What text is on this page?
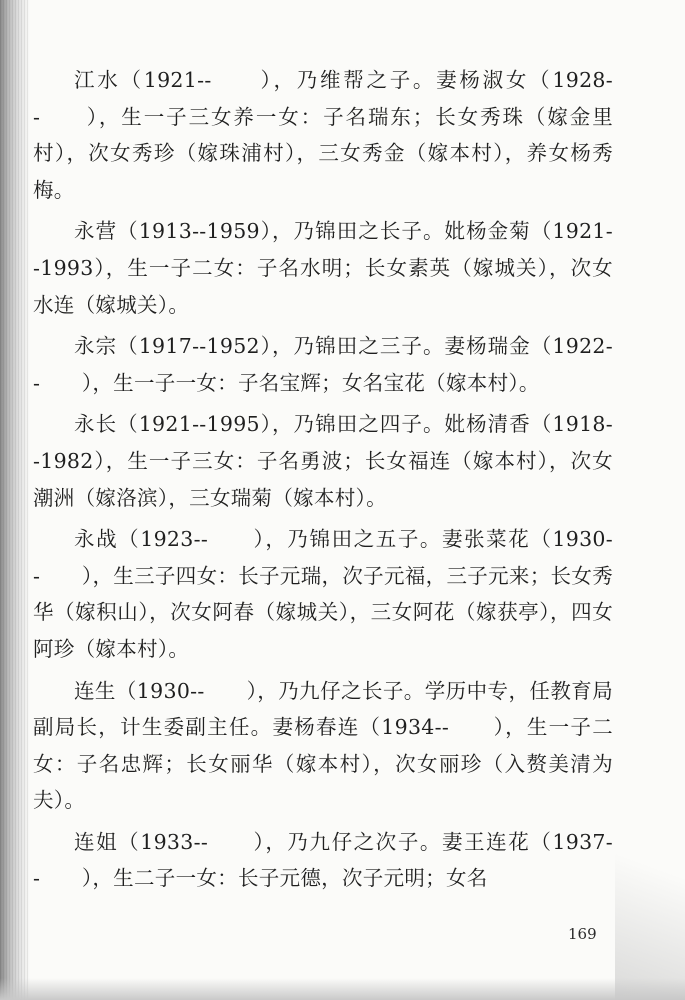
江水（1921--　　），乃维帮之子。妻杨淑女（1928--　　），生一子三女养一女：子名瑞东；长女秀珠（嫁金里村），次女秀珍（嫁珠浦村），三女秀金（嫁本村），养女杨秀梅。

永营（1913--1959），乃锦田之长子。妣杨金菊（1921--1993），生一子二女：子名水明；长女素英（嫁城关），次女水连（嫁城关）。

永宗（1917--1952），乃锦田之三子。妻杨瑞金（1922--　　），生一子一女：子名宝辉；女名宝花（嫁本村）。

永长（1921--1995），乃锦田之四子。妣杨清香（1918--1982），生一子三女：子名勇波；长女福连（嫁本村），次女潮洲（嫁洛滨），三女瑞菊（嫁本村）。

永战（1923--　　），乃锦田之五子。妻张菜花（1930--　　），生三子四女：长子元瑞，次子元福，三子元来；长女秀华（嫁积山），次女阿春（嫁城关），三女阿花（嫁获亭），四女阿珍（嫁本村）。

连生（1930--　　），乃九仔之长子。学历中专，任教育局副局长，计生委副主任。妻杨春连（1934--　　），生一子二女：子名忠辉；长女丽华（嫁本村），次女丽珍（入赘美清为夫）。

连姐（1933--　　），乃九仔之次子。妻王连花（1937--　　），生二子一女：长子元德，次子元明；女名

169
